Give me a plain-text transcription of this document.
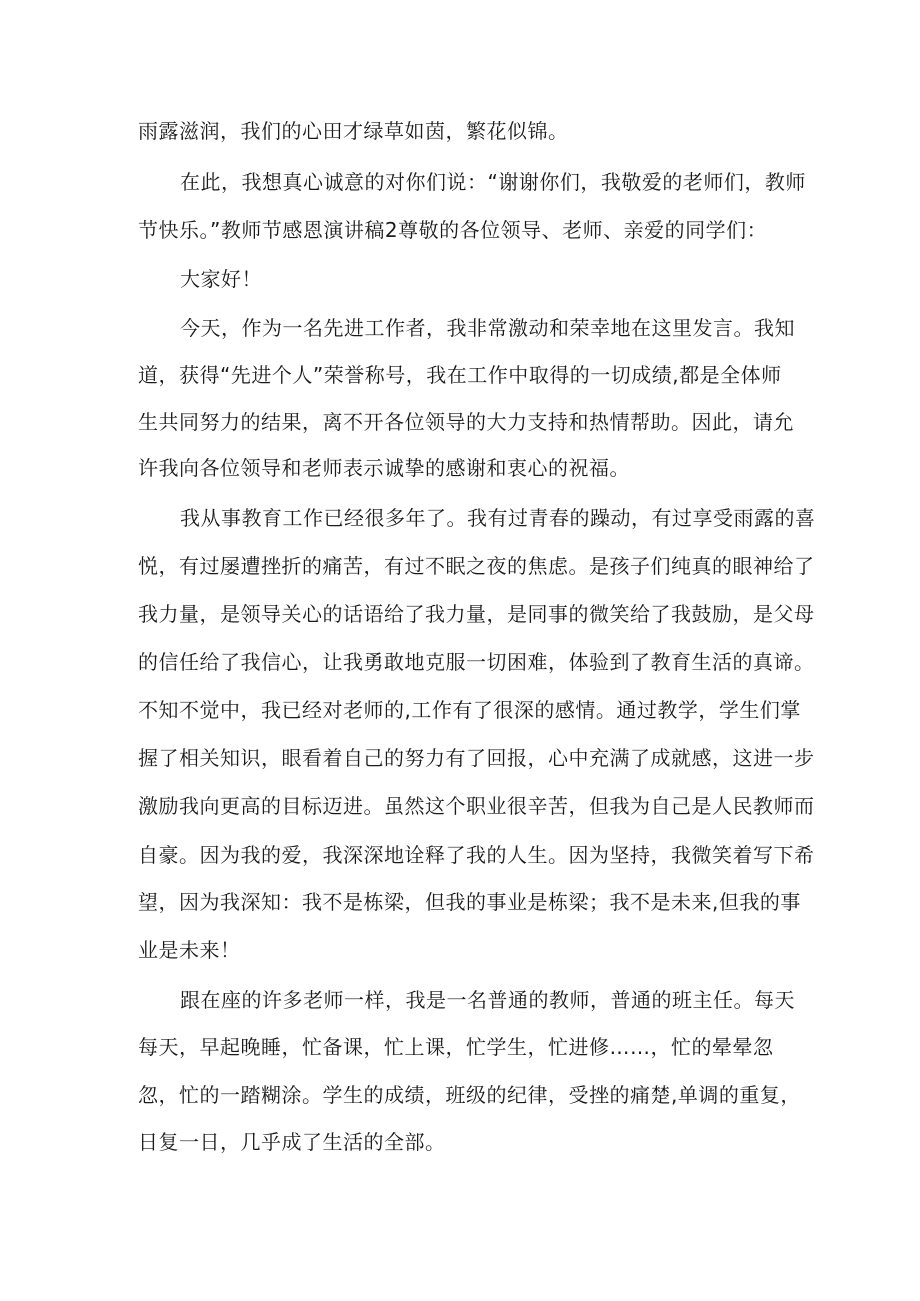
雨露滋润，我们的心田才绿草如茵，繁花似锦。
在此，我想真心诚意的对你们说：“谢谢你们，我敬爱的老师们，教师
节快乐。”教师节感恩演讲稿2尊敬的各位领导、老师、亲爱的同学们：
大家好！
今天，作为一名先进工作者，我非常激动和荣幸地在这里发言。我知
道，获得“先进个人”荣誉称号，我在工作中取得的一切成绩,都是全体师
生共同努力的结果，离不开各位领导的大力支持和热情帮助。因此，请允
许我向各位领导和老师表示诚挚的感谢和衷心的祝福。
我从事教育工作已经很多年了。我有过青春的躁动，有过享受雨露的喜
悦，有过屡遭挫折的痛苦，有过不眠之夜的焦虑。是孩子们纯真的眼神给了
我力量，是领导关心的话语给了我力量，是同事的微笑给了我鼓励，是父母
的信任给了我信心，让我勇敢地克服一切困难，体验到了教育生活的真谛。
不知不觉中，我已经对老师的,工作有了很深的感情。通过教学，学生们掌
握了相关知识，眼看着自己的努力有了回报，心中充满了成就感，这进一步
激励我向更高的目标迈进。虽然这个职业很辛苦，但我为自己是人民教师而
自豪。因为我的爱，我深深地诠释了我的人生。因为坚持，我微笑着写下希
望，因为我深知：我不是栋梁，但我的事业是栋梁；我不是未来,但我的事
业是未来！
跟在座的许多老师一样，我是一名普通的教师，普通的班主任。每天
每天，早起晚睡，忙备课，忙上课，忙学生，忙进修……，忙的晕晕忽
忽，忙的一踏糊涂。学生的成绩，班级的纪律，受挫的痛楚,单调的重复，
日复一日，几乎成了生活的全部。
